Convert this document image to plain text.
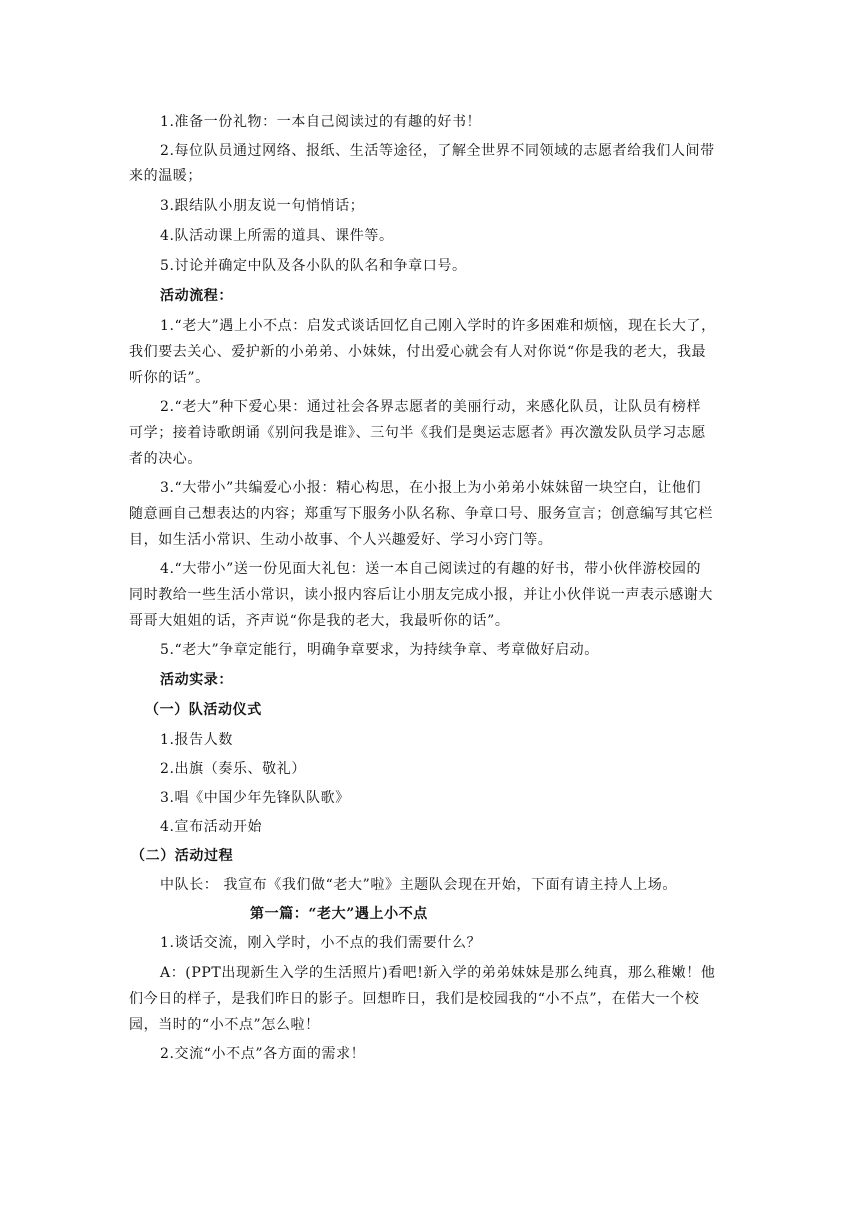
1.准备一份礼物：一本自己阅读过的有趣的好书！
2.每位队员通过网络、报纸、生活等途径，了解全世界不同领域的志愿者给我们人间带
来的温暖；
3.跟结队小朋友说一句悄悄话；
4.队活动课上所需的道具、课件等。
5.讨论并确定中队及各小队的队名和争章口号。
活动流程：
1.“老大”遇上小不点：启发式谈话回忆自己刚入学时的许多困难和烦恼，现在长大了，
我们要去关心、爱护新的小弟弟、小妹妹，付出爱心就会有人对你说“你是我的老大，我最
听你的话”。
2.“老大”种下爱心果：通过社会各界志愿者的美丽行动，来感化队员，让队员有榜样
可学；接着诗歌朗诵《别问我是谁》、三句半《我们是奥运志愿者》再次激发队员学习志愿
者的决心。
3.“大带小”共编爱心小报：精心构思，在小报上为小弟弟小妹妹留一块空白，让他们
随意画自己想表达的内容；郑重写下服务小队名称、争章口号、服务宣言；创意编写其它栏
目，如生活小常识、生动小故事、个人兴趣爱好、学习小窍门等。
4.“大带小”送一份见面大礼包：送一本自己阅读过的有趣的好书，带小伙伴游校园的
同时教给一些生活小常识，读小报内容后让小朋友完成小报，并让小伙伴说一声表示感谢大
哥哥大姐姐的话，齐声说“你是我的老大，我最听你的话”。
5.“老大”争章定能行，明确争章要求，为持续争章、考章做好启动。
活动实录：
（一）队活动仪式
1.报告人数
2.出旗（奏乐、敬礼）
3.唱《中国少年先锋队队歌》
4.宣布活动开始
（二）活动过程
中队长： 我宣布《我们做“老大”啦》主题队会现在开始，下面有请主持人上场。
第一篇：“老大”遇上小不点
1.谈话交流，刚入学时，小不点的我们需要什么？
A：(PPT出现新生入学的生活照片)看吧!新入学的弟弟妹妹是那么纯真，那么稚嫩！他
们今日的样子，是我们昨日的影子。回想昨日，我们是校园我的“小不点”，在偌大一个校
园，当时的“小不点”怎么啦！
2.交流“小不点”各方面的需求！
